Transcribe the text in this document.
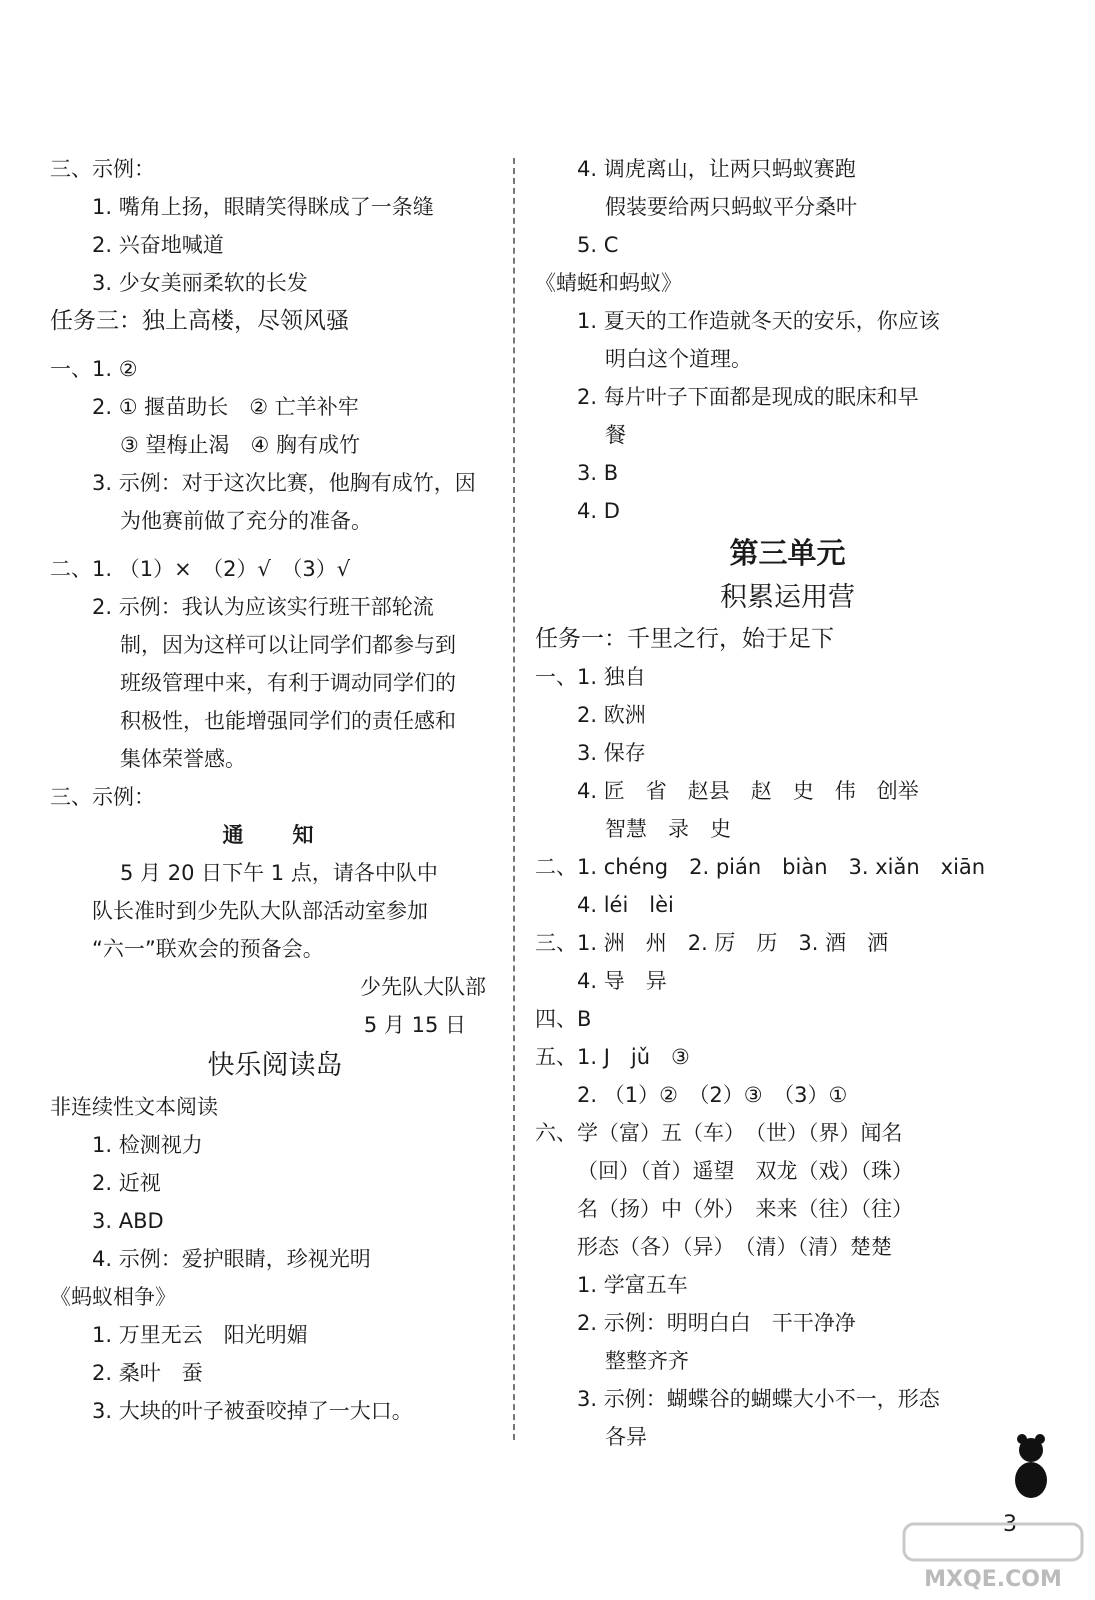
三、示例：
1. 嘴角上扬，眼睛笑得眯成了一条缝
2. 兴奋地喊道
3. 少女美丽柔软的长发
任务三：独上高楼，尽领风骚
一、1. ②
2. ① 揠苗助长　② 亡羊补牢
③ 望梅止渴　④ 胸有成竹
3. 示例：对于这次比赛，他胸有成竹，因
为他赛前做了充分的准备。
二、1. （1）×　（2）√　（3）√
2. 示例：我认为应该实行班干部轮流
制，因为这样可以让同学们都参与到
班级管理中来，有利于调动同学们的
积极性，也能增强同学们的责任感和
集体荣誉感。
三、示例：
通　知
5 月 20 日下午 1 点，请各中队中
队长准时到少先队大队部活动室参加
“六一”联欢会的预备会。
少先队大队部
5 月 15 日
快乐阅读岛
非连续性文本阅读
1. 检测视力
2. 近视
3. ABD
4. 示例：爱护眼睛，珍视光明
《蚂蚁相争》
1. 万里无云　阳光明媚
2. 桑叶　蚕
3. 大块的叶子被蚕咬掉了一大口。
4. 调虎离山，让两只蚂蚁赛跑
假装要给两只蚂蚁平分桑叶
5. C
《蜻蜓和蚂蚁》
1. 夏天的工作造就冬天的安乐，你应该
明白这个道理。
2. 每片叶子下面都是现成的眠床和早
餐
3. B
4. D
第三单元
积累运用营
任务一：千里之行，始于足下
一、1. 独自
2. 欧洲
3. 保存
4. 匠　省　赵县　赵　史　伟　创举
智慧　录　史
二、1. chéng　2. pián　biàn　3. xiǎn　xiān
4. léi　lèi
三、1. 洲　州　2. 厉　历　3. 酒　洒
4. 导　异
四、B
五、1. J　jǔ　③
2. （1）②　（2）③　（3）①
六、学（富）五（车）　（世）（界）闻名
（回）（首）遥望　双龙（戏）（珠）
名（扬）中（外）　来来（往）（往）
形态（各）（异）　（清）（清）楚楚
1. 学富五车
2. 示例：明明白白　干干净净
整整齐齐
3. 示例：蝴蝶谷的蝴蝶大小不一，形态
各异
3
MXQE.COM
